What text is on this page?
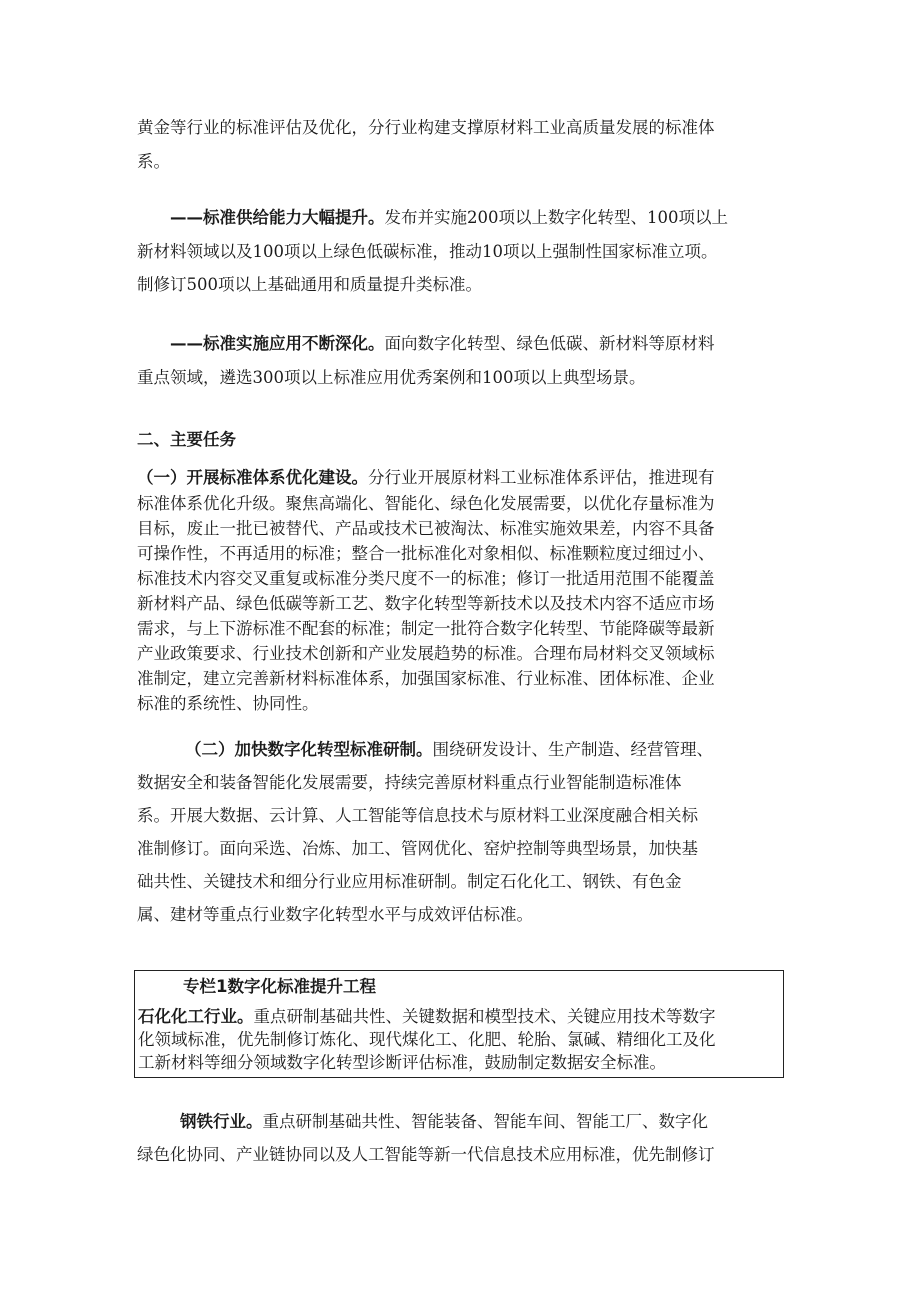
黄金等行业的标准评估及优化，分行业构建支撑原材料工业高质量发展的标准体
系。
——标准供给能力大幅提升。发布并实施200项以上数字化转型、100项以上
新材料领域以及100项以上绿色低碳标准，推动10项以上强制性国家标准立项。
制修订500项以上基础通用和质量提升类标准。
——标准实施应用不断深化。面向数字化转型、绿色低碳、新材料等原材料
重点领域，遴选300项以上标准应用优秀案例和100项以上典型场景。
二、主要任务
（一）开展标准体系优化建设。分行业开展原材料工业标准体系评估，推进现有
标准体系优化升级。聚焦高端化、智能化、绿色化发展需要，以优化存量标准为
目标，废止一批已被替代、产品或技术已被淘汰、标准实施效果差，内容不具备
可操作性，不再适用的标准；整合一批标准化对象相似、标准颗粒度过细过小、
标准技术内容交叉重复或标准分类尺度不一的标准；修订一批适用范围不能覆盖
新材料产品、绿色低碳等新工艺、数字化转型等新技术以及技术内容不适应市场
需求，与上下游标准不配套的标准；制定一批符合数字化转型、节能降碳等最新
产业政策要求、行业技术创新和产业发展趋势的标准。合理布局材料交叉领域标
准制定，建立完善新材料标准体系，加强国家标准、行业标准、团体标准、企业
标准的系统性、协同性。
（二）加快数字化转型标准研制。围绕研发设计、生产制造、经营管理、
数据安全和装备智能化发展需要，持续完善原材料重点行业智能制造标准体
系。开展大数据、云计算、人工智能等信息技术与原材料工业深度融合相关标
准制修订。面向采选、冶炼、加工、管网优化、窑炉控制等典型场景，加快基
础共性、关键技术和细分行业应用标准研制。制定石化化工、钢铁、有色金
属、建材等重点行业数字化转型水平与成效评估标准。
专栏1数字化标准提升工程
石化化工行业。重点研制基础共性、关键数据和模型技术、关键应用技术等数字
化领域标准，优先制修订炼化、现代煤化工、化肥、轮胎、氯碱、精细化工及化
工新材料等细分领域数字化转型诊断评估标准，鼓励制定数据安全标准。
钢铁行业。重点研制基础共性、智能装备、智能车间、智能工厂、数字化
绿色化协同、产业链协同以及人工智能等新一代信息技术应用标准，优先制修订
